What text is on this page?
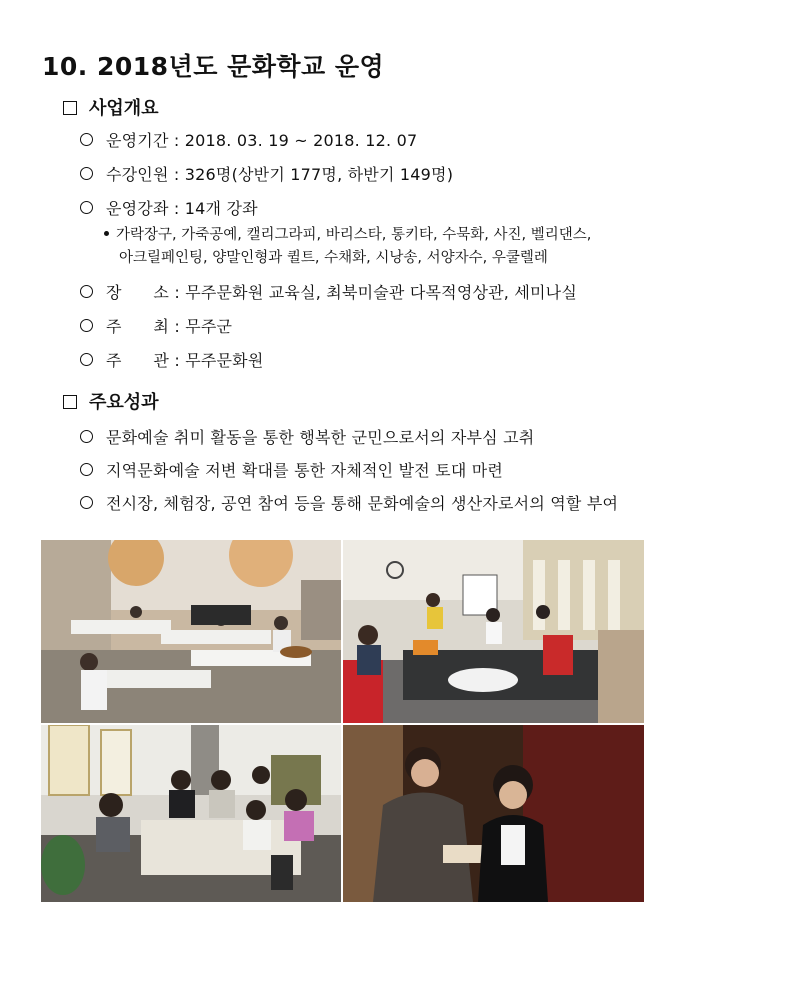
10. 2018년도 문화학교 운영
사업개요
운영기간 : 2018. 03. 19 ~ 2018. 12. 07
수강인원 : 326명(상반기 177명, 하반기 149명)
운영강좌 : 14개 강좌
가락장구, 가죽공예, 캘리그라피, 바리스타, 통키타, 수묵화, 사진, 벨리댄스,
아크릴페인팅, 양말인형과 퀼트, 수채화, 시낭송, 서양자수, 우쿨렐레
장      소 : 무주문화원 교육실, 최북미술관 다목적영상관, 세미나실
주      최 : 무주군
주      관 : 무주문화원
주요성과
문화예술 취미 활동을 통한 행복한 군민으로서의 자부심 고취
지역문화예술 저변 확대를 통한 자체적인 발전 토대 마련
전시장, 체험장, 공연 참여 등을 통해 문화예술의 생산자로서의 역할 부여
